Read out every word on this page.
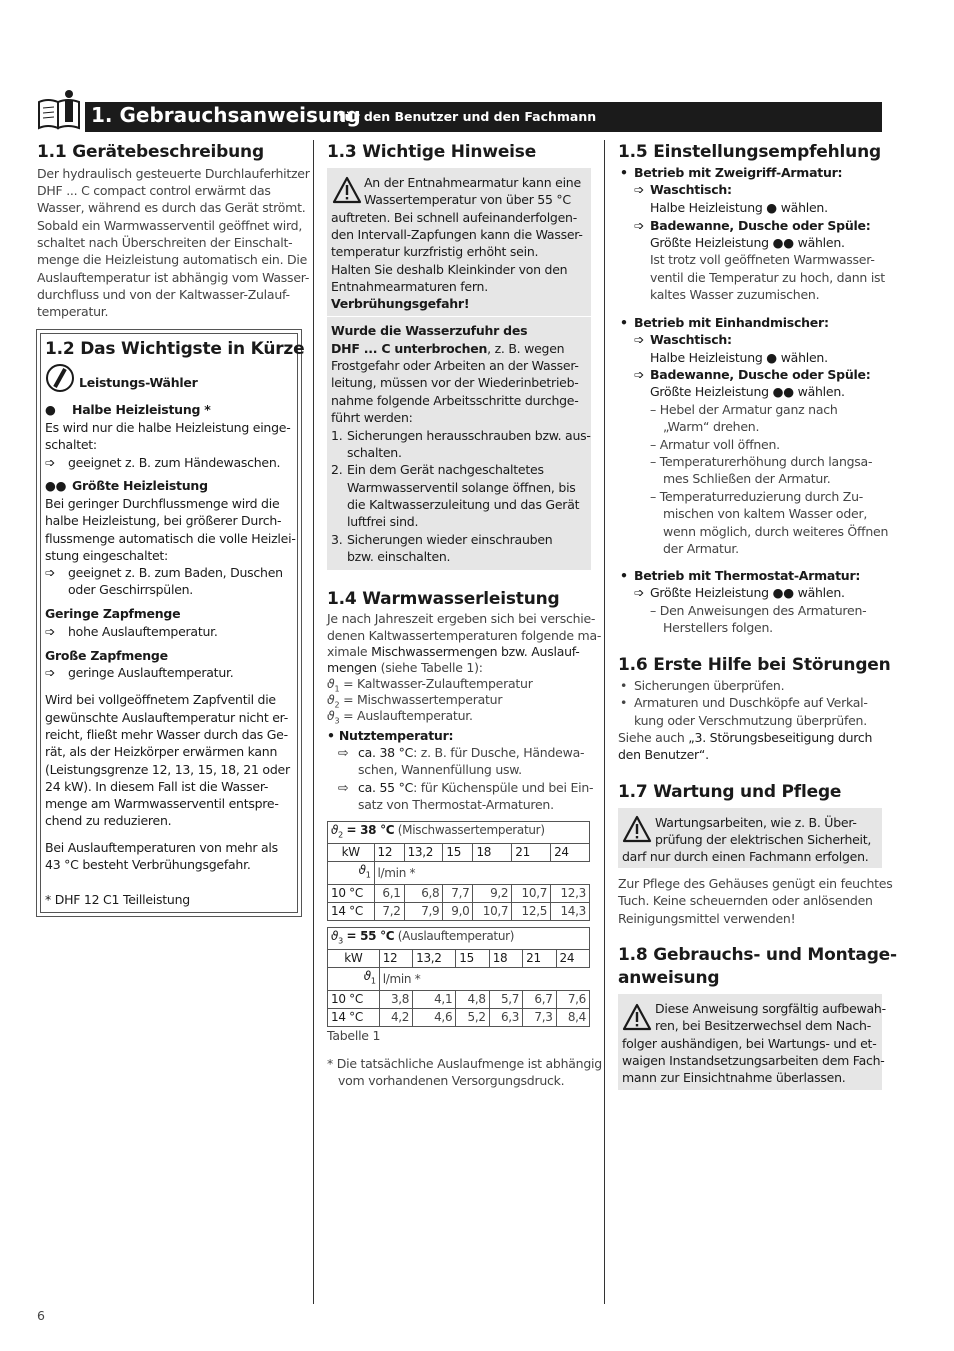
1. Gebrauchsanweisung
für den Benutzer und den Fachmann
1.1 Gerätebeschreibung
Der hydraulisch gesteuerte Durchlauferhitzer
DHF ... C compact control erwärmt das
Wasser, während es durch das Gerät strömt.
Sobald ein Warmwasserventil geöffnet wird,
schaltet nach Überschreiten der Einschalt-
menge die Heizleistung automatisch ein. Die
Auslauftemperatur ist abhängig vom Wasser-
durchfluss und von der Kaltwasser-Zulauf-
temperatur.
1.2 Das Wichtigste in Kürze
Leistungs-Wähler
● Halbe Heizleistung *
Es wird nur die halbe Heizleistung einge-
schaltet:
➩ geeignet z. B. zum Händewaschen.
●● Größte Heizleistung
Bei geringer Durchflussmenge wird die
halbe Heizleistung, bei größerer Durch-
flussmenge automatisch die volle Heizlei-
stung eingeschaltet:
➩ geeignet z. B. zum Baden, Duschen
oder Geschirrspülen.
Geringe Zapfmenge
➩ hohe Auslauftemperatur.
Große Zapfmenge
➩ geringe Auslauftemperatur.
Wird bei vollgeöffnetem Zapfventil die
gewünschte Auslauftemperatur nicht er-
reicht, fließt mehr Wasser durch das Ge-
rät, als der Heizkörper erwärmen kann
(Leistungsgrenze 12, 13, 15, 18, 21 oder
24 kW). In diesem Fall ist die Wasser-
menge am Warmwasserventil entspre-
chend zu reduzieren.
Bei Auslauftemperaturen von mehr als
43 °C besteht Verbrühungsgefahr.
* DHF 12 C1 Teilleistung
1.3 Wichtige Hinweise
An der Entnahmearmatur kann eine
Wassertemperatur von über 55 °C
auftreten. Bei schnell aufeinanderfolgen-
den Intervall-Zapfungen kann die Wasser-
temperatur kurzfristig erhöht sein.
Halten Sie deshalb Kleinkinder von den
Entnahmearmaturen fern.
Verbrühungsgefahr!
Wurde die Wasserzufuhr des
DHF ... C unterbrochen, z. B. wegen
Frostgefahr oder Arbeiten an der Wasser-
leitung, müssen vor der Wiederinbetrieb-
nahme folgende Arbeitsschritte durchge-
führt werden:
1. Sicherungen herausschrauben bzw. aus-
schalten.
2. Ein dem Gerät nachgeschaltetes
Warmwasserventil solange öffnen, bis
die Kaltwasserzuleitung und das Gerät
luftfrei sind.
3. Sicherungen wieder einschrauben
bzw. einschalten.
1.4 Warmwasserleistung
Je nach Jahreszeit ergeben sich bei verschie-
denen Kaltwassertemperaturen folgende ma-
ximale Mischwassermengen bzw. Auslauf-
mengen (siehe Tabelle 1):
$ϑ_1$ = Kaltwasser-Zulauftemperatur
$ϑ_2$ = Mischwassertemperatur
$ϑ_3$ = Auslauftemperatur.
• Nutztemperatur:
⇨ ca. 38 °C: z. B. für Dusche, Händewa-
schen, Wannenfüllung usw.
⇨ ca. 55 °C: für Küchenspüle und bei Ein-
satz von Thermostat-Armaturen.
$ϑ_2 = 38$ °C (Mischwassertemperatur)						
kW	12	13,2	15	18	21	24
$ϑ_1$	l/min *					
10 °C	6,1	6,8	7,7	9,2	10,7	12,3
14 °C	7,2	7,9	9,0	10,7	12,5	14,3
$ϑ_3 = 55$ °C (Auslauftemperatur)						
kW	12	13,2	15	18	21	24
$ϑ_1$	l/min *					
10 °C	3,8	4,1	4,8	5,7	6,7	7,6
14 °C	4,2	4,6	5,2	6,3	7,3	8,4
Tabelle 1
* Die tatsächliche Auslaufmenge ist abhängig
vom vorhandenen Versorgungsdruck.
1.5 Einstellungsempfehlung
• Betrieb mit Zweigriff-Armatur:
➩ Waschtisch:
Halbe Heizleistung ● wählen.
➩ Badewanne, Dusche oder Spüle:
Größte Heizleistung ●● wählen.
Ist trotz voll geöffneten Warmwasser-
ventil die Temperatur zu hoch, dann ist
kaltes Wasser zuzumischen.
• Betrieb mit Einhandmischer:
➩ Waschtisch:
Halbe Heizleistung ● wählen.
➩ Badewanne, Dusche oder Spüle:
Größte Heizleistung ●● wählen.
– Hebel der Armatur ganz nach
„Warm“ drehen.
– Armatur voll öffnen.
– Temperaturerhöhung durch langsa-
mes Schließen der Armatur.
– Temperaturreduzierung durch Zu-
mischen von kaltem Wasser oder,
wenn möglich, durch weiteres Öffnen
der Armatur.
• Betrieb mit Thermostat-Armatur:
➩ Größte Heizleistung ●● wählen.
– Den Anweisungen des Armaturen-
Herstellers folgen.
1.6 Erste Hilfe bei Störungen
• Sicherungen überprüfen.
• Armaturen und Duschköpfe auf Verkal-
kung oder Verschmutzung überprüfen.
Siehe auch „3. Störungsbeseitigung durch
den Benutzer“.
1.7 Wartung und Pflege
Wartungsarbeiten, wie z. B. Über-
prüfung der elektrischen Sicherheit,
darf nur durch einen Fachmann erfolgen.
Zur Pflege des Gehäuses genügt ein feuchtes
Tuch. Keine scheuernden oder anlösenden
Reinigungsmittel verwenden!
1.8 Gebrauchs- und Montage-
anweisung
Diese Anweisung sorgfältig aufbewah-
ren, bei Besitzerwechsel dem Nach-
folger aushändigen, bei Wartungs- und et-
waigen Instandsetzungsarbeiten dem Fach-
mann zur Einsichtnahme überlassen.
6
